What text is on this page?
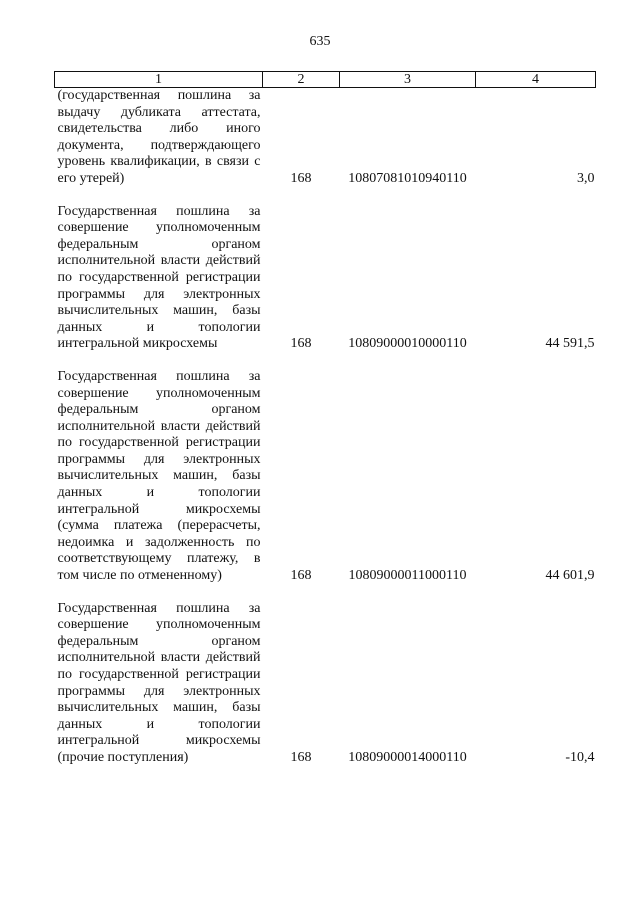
635
1	2	3	4
(государственная пошлина за выдачу дубликата аттестата, свидетельства либо иного документа, подтверждающего уровень квалификации, в связи с его утерей)	168	10807081010940110	3,0
Государственная пошлина за совершение уполномоченным федеральным органом исполнительной власти действий по государственной регистрации программы для электронных вычислительных машин, базы данных и топологии интегральной микросхемы	168	10809000010000110	44 591,5
Государственная пошлина за совершение уполномоченным федеральным органом исполнительной власти действий по государственной регистрации программы для электронных вычислительных машин, базы данных и топологии интегральной микросхемы (сумма платежа (перерасчеты, недоимка и задолженность по соответствующему платежу, в том числе по отмененному)	168	10809000011000110	44 601,9
Государственная пошлина за совершение уполномоченным федеральным органом исполнительной власти действий по государственной регистрации программы для электронных вычислительных машин, базы данных и топологии интегральной микросхемы (прочие поступления)	168	10809000014000110	-10,4
